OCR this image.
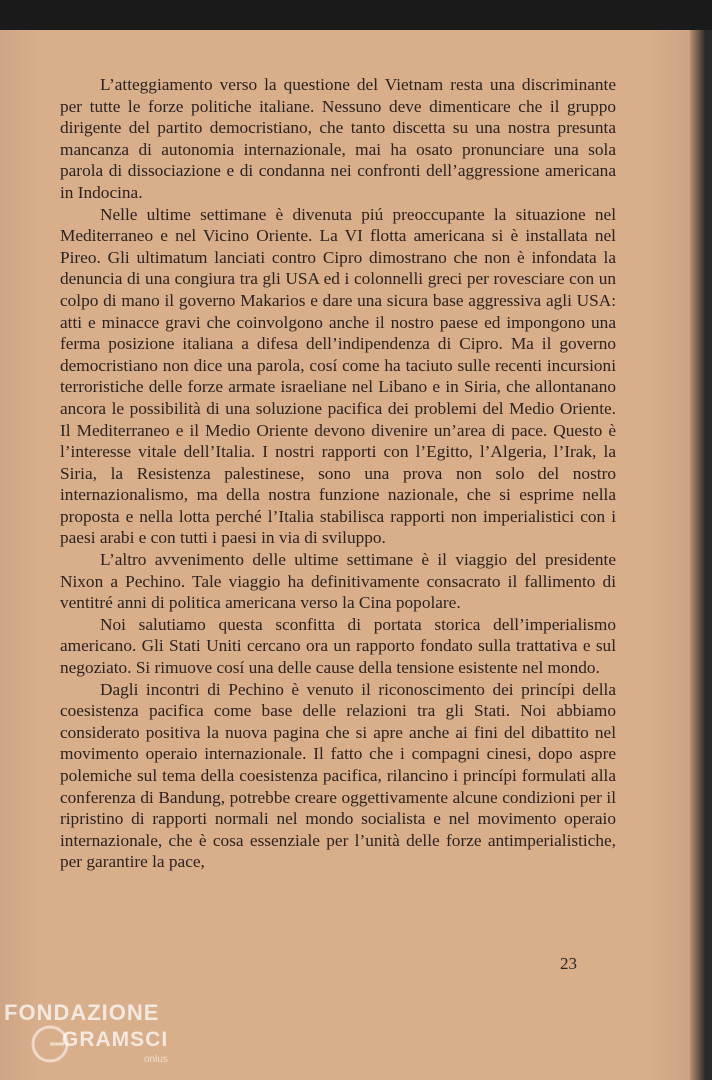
L’atteggiamento verso la questione del Vietnam resta una discriminante per tutte le forze politiche italiane. Nessuno deve dimenticare che il gruppo dirigente del partito democristiano, che tanto discetta su una nostra presunta mancanza di autonomia internazionale, mai ha osato pronunciare una sola parola di dissociazione e di condanna nei confronti dell’aggressione americana in Indocina.

Nelle ultime settimane è divenuta piú preoccupante la situazione nel Mediterraneo e nel Vicino Oriente. La VI flotta americana si è installata nel Pireo. Gli ultimatum lanciati contro Cipro dimostrano che non è infondata la denuncia di una congiura tra gli USA ed i colonnelli greci per rovesciare con un colpo di mano il governo Makarios e dare una sicura base aggressiva agli USA: atti e minacce gravi che coinvolgono anche il nostro paese ed impongono una ferma posizione italiana a difesa dell’indipendenza di Cipro. Ma il governo democristiano non dice una parola, cosí come ha taciuto sulle recenti incursioni terroristiche delle forze armate israeliane nel Libano e in Siria, che allontanano ancora le possibilità di una soluzione pacifica dei problemi del Medio Oriente. Il Mediterraneo e il Medio Oriente devono divenire un’area di pace. Questo è l’interesse vitale dell’Italia. I nostri rapporti con l’Egitto, l’Algeria, l’Irak, la Siria, la Resistenza palestinese, sono una prova non solo del nostro internazionalismo, ma della nostra funzione nazionale, che si esprime nella proposta e nella lotta perché l’Italia stabilisca rapporti non imperialistici con i paesi arabi e con tutti i paesi in via di sviluppo.

L’altro avvenimento delle ultime settimane è il viaggio del presidente Nixon a Pechino. Tale viaggio ha definitivamente consacrato il fallimento di ventitré anni di politica americana verso la Cina popolare.

Noi salutiamo questa sconfitta di portata storica dell’imperialismo americano. Gli Stati Uniti cercano ora un rapporto fondato sulla trattativa e sul negoziato. Si rimuove cosí una delle cause della tensione esistente nel mondo.

Dagli incontri di Pechino è venuto il riconoscimento dei princípi della coesistenza pacifica come base delle relazioni tra gli Stati. Noi abbiamo considerato positiva la nuova pagina che si apre anche ai fini del dibattito nel movimento operaio internazionale. Il fatto che i compagni cinesi, dopo aspre polemiche sul tema della coesistenza pacifica, rilancino i princípi formulati alla conferenza di Bandung, potrebbe creare oggettivamente alcune condizioni per il ripristino di rapporti normali nel mondo socialista e nel movimento operaio internazionale, che è cosa essenziale per l’unità delle forze antimperialistiche, per garantire la pace,

23
FONDAZIONE
GRAMSCI
onlus
